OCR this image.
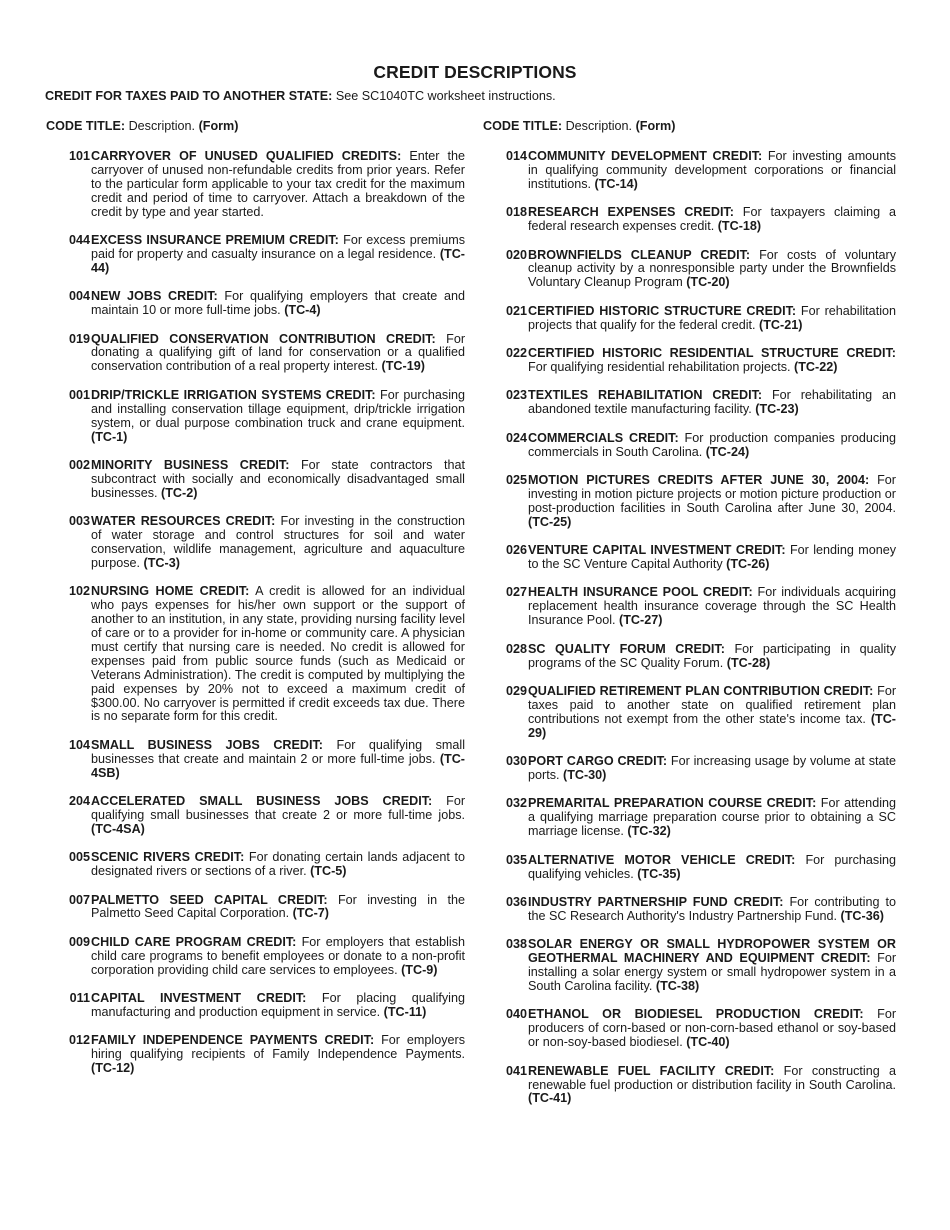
CREDIT DESCRIPTIONS
CREDIT FOR TAXES PAID TO ANOTHER STATE: See SC1040TC worksheet instructions.
CODE TITLE: Description. (Form)
101 CARRYOVER OF UNUSED QUALIFIED CREDITS: Enter the carryover of unused non-refundable credits from prior years. Refer to the particular form applicable to your tax credit for the maximum credit and period of time to carryover. Attach a breakdown of the credit by type and year started.
044 EXCESS INSURANCE PREMIUM CREDIT: For excess premiums paid for property and casualty insurance on a legal residence. (TC-44)
004 NEW JOBS CREDIT: For qualifying employers that create and maintain 10 or more full-time jobs. (TC-4)
019 QUALIFIED CONSERVATION CONTRIBUTION CREDIT: For donating a qualifying gift of land for conservation or a qualified conservation contribution of a real property interest. (TC-19)
001 DRIP/TRICKLE IRRIGATION SYSTEMS CREDIT: For purchasing and installing conservation tillage equipment, drip/trickle irrigation system, or dual purpose combination truck and crane equipment. (TC-1)
002 MINORITY BUSINESS CREDIT: For state contractors that subcontract with socially and economically disadvantaged small businesses. (TC-2)
003 WATER RESOURCES CREDIT: For investing in the construction of water storage and control structures for soil and water conservation, wildlife management, agriculture and aquaculture purpose. (TC-3)
102 NURSING HOME CREDIT: A credit is allowed for an individual who pays expenses for his/her own support or the support of another to an institution, in any state, providing nursing facility level of care or to a provider for in-home or community care. A physician must certify that nursing care is needed. No credit is allowed for expenses paid from public source funds (such as Medicaid or Veterans Administration). The credit is computed by multiplying the paid expenses by 20% not to exceed a maximum credit of $300.00. No carryover is permitted if credit exceeds tax due. There is no separate form for this credit.
104 SMALL BUSINESS JOBS CREDIT: For qualifying small businesses that create and maintain 2 or more full-time jobs. (TC-4SB)
204 ACCELERATED SMALL BUSINESS JOBS CREDIT: For qualifying small businesses that create 2 or more full-time jobs. (TC-4SA)
005 SCENIC RIVERS CREDIT: For donating certain lands adjacent to designated rivers or sections of a river. (TC-5)
007 PALMETTO SEED CAPITAL CREDIT: For investing in the Palmetto Seed Capital Corporation. (TC-7)
009 CHILD CARE PROGRAM CREDIT: For employers that establish child care programs to benefit employees or donate to a non-profit corporation providing child care services to employees. (TC-9)
011 CAPITAL INVESTMENT CREDIT: For placing qualifying manufacturing and production equipment in service. (TC-11)
012 FAMILY INDEPENDENCE PAYMENTS CREDIT: For employers hiring qualifying recipients of Family Independence Payments. (TC-12)
CODE TITLE: Description. (Form)
014 COMMUNITY DEVELOPMENT CREDIT: For investing amounts in qualifying community development corporations or financial institutions. (TC-14)
018 RESEARCH EXPENSES CREDIT: For taxpayers claiming a federal research expenses credit. (TC-18)
020 BROWNFIELDS CLEANUP CREDIT: For costs of voluntary cleanup activity by a nonresponsible party under the Brownfields Voluntary Cleanup Program (TC-20)
021 CERTIFIED HISTORIC STRUCTURE CREDIT: For rehabilitation projects that qualify for the federal credit. (TC-21)
022 CERTIFIED HISTORIC RESIDENTIAL STRUCTURE CREDIT: For qualifying residential rehabilitation projects. (TC-22)
023 TEXTILES REHABILITATION CREDIT: For rehabilitating an abandoned textile manufacturing facility. (TC-23)
024 COMMERCIALS CREDIT: For production companies producing commercials in South Carolina. (TC-24)
025 MOTION PICTURES CREDITS AFTER JUNE 30, 2004: For investing in motion picture projects or motion picture production or post-production facilities in South Carolina after June 30, 2004. (TC-25)
026 VENTURE CAPITAL INVESTMENT CREDIT: For lending money to the SC Venture Capital Authority (TC-26)
027 HEALTH INSURANCE POOL CREDIT: For individuals acquiring replacement health insurance coverage through the SC Health Insurance Pool. (TC-27)
028 SC QUALITY FORUM CREDIT: For participating in quality programs of the SC Quality Forum. (TC-28)
029 QUALIFIED RETIREMENT PLAN CONTRIBUTION CREDIT: For taxes paid to another state on qualified retirement plan contributions not exempt from the other state's income tax. (TC-29)
030 PORT CARGO CREDIT: For increasing usage by volume at state ports. (TC-30)
032 PREMARITAL PREPARATION COURSE CREDIT: For attending a qualifying marriage preparation course prior to obtaining a SC marriage license. (TC-32)
035 ALTERNATIVE MOTOR VEHICLE CREDIT: For purchasing qualifying vehicles. (TC-35)
036 INDUSTRY PARTNERSHIP FUND CREDIT: For contributing to the SC Research Authority's Industry Partnership Fund. (TC-36)
038 SOLAR ENERGY OR SMALL HYDROPOWER SYSTEM OR GEOTHERMAL MACHINERY AND EQUIPMENT CREDIT: For installing a solar energy system or small hydropower system in a South Carolina facility. (TC-38)
040 ETHANOL OR BIODIESEL PRODUCTION CREDIT: For producers of corn-based or non-corn-based ethanol or soy-based or non-soy-based biodiesel. (TC-40)
041 RENEWABLE FUEL FACILITY CREDIT: For constructing a renewable fuel production or distribution facility in South Carolina. (TC-41)
